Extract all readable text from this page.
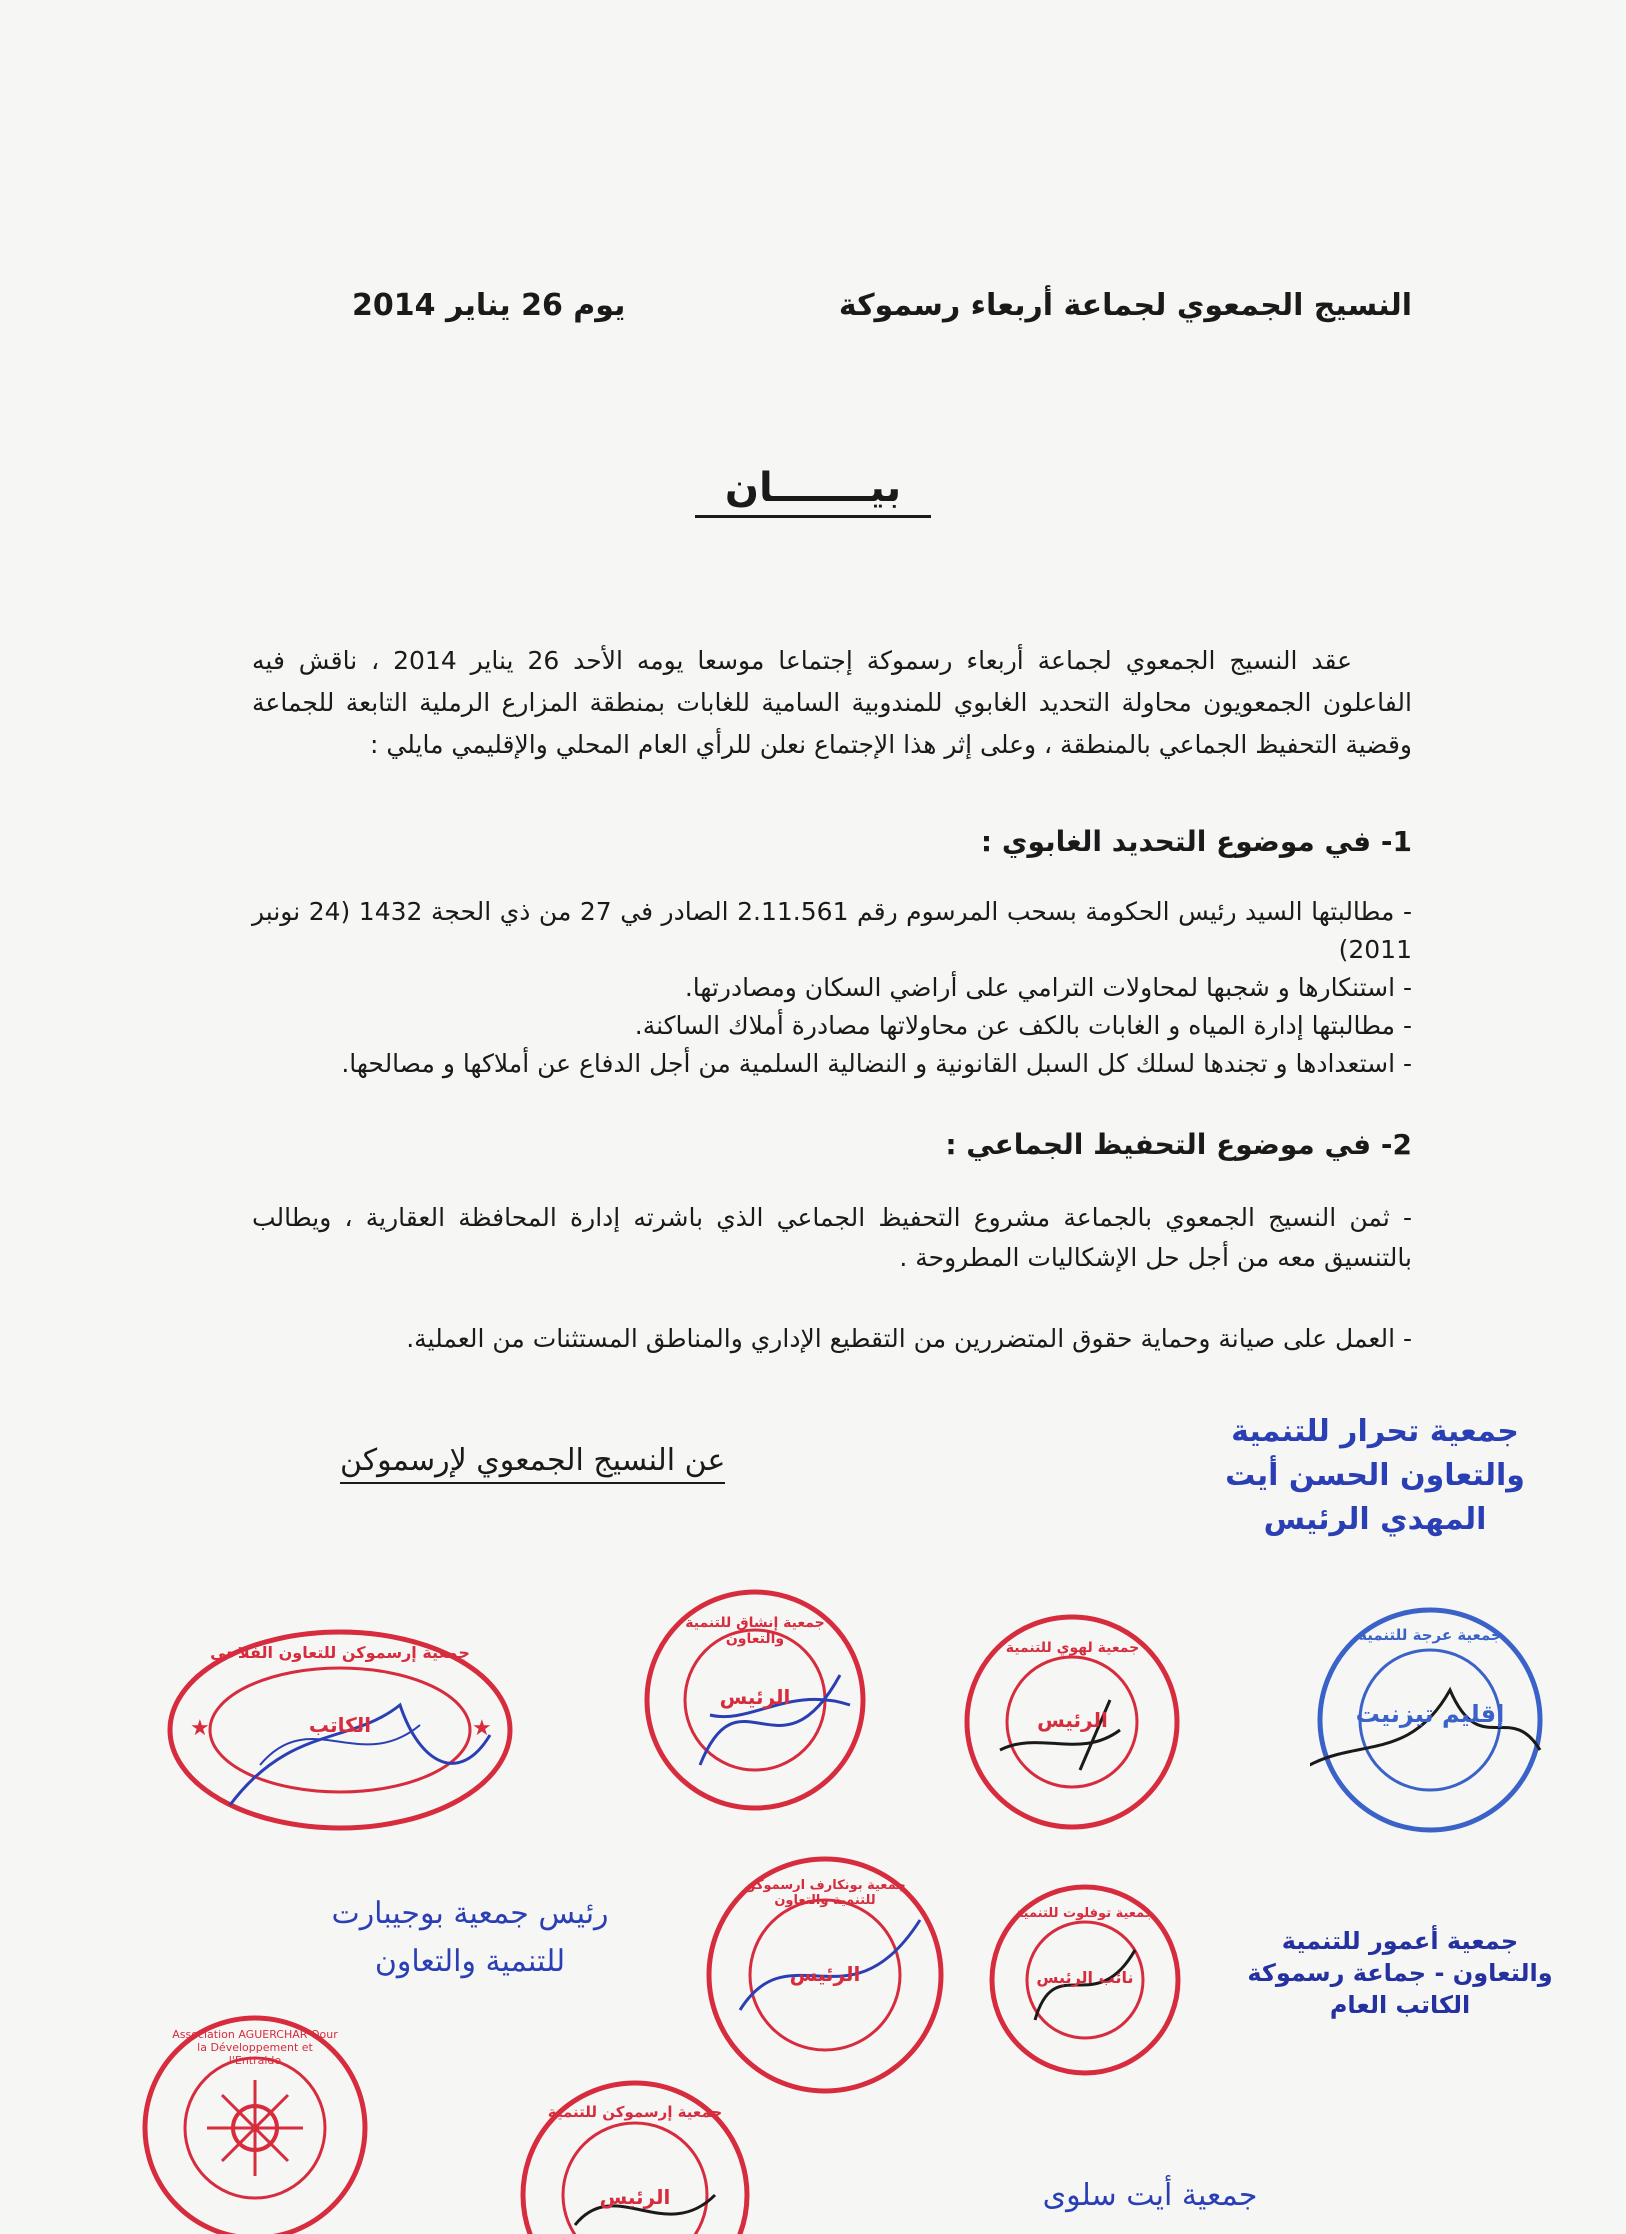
النسيج الجمعوي لجماعة أربعاء رسموكة
يوم 26 يناير 2014
بيـــــــان
عقد النسيج الجمعوي لجماعة أربعاء رسموكة إجتماعا موسعا يومه الأحد 26 يناير 2014 ، ناقش فيه الفاعلون الجمعويون محاولة التحديد الغابوي للمندوبية السامية للغابات بمنطقة المزارع الرملية التابعة للجماعة وقضية التحفيظ الجماعي بالمنطقة ، وعلى إثر هذا الإجتماع نعلن للرأي العام المحلي والإقليمي مايلي :
1- في موضوع التحديد الغابوي :
- مطالبتها السيد رئيس الحكومة بسحب المرسوم رقم 2.11.561 الصادر في 27 من ذي الحجة 1432 (24 نونبر 2011)
- استنكارها و شجبها لمحاولات الترامي على أراضي السكان ومصادرتها.
- مطالبتها إدارة المياه و الغابات بالكف عن محاولاتها مصادرة أملاك الساكنة.
- استعدادها و تجندها لسلك كل السبل القانونية و النضالية السلمية من أجل الدفاع عن أملاكها و مصالحها.
2- في موضوع التحفيظ الجماعي :
- ثمن النسيج الجمعوي بالجماعة مشروع التحفيظ الجماعي الذي باشرته إدارة المحافظة العقارية ، ويطالب بالتنسيق معه من أجل حل الإشكاليات المطروحة .
- العمل على صيانة وحماية حقوق المتضررين من التقطيع الإداري والمناطق المستثنات من العملية.
عن النسيج الجمعوي لإرسموكن
جمعية تحرار للتنمية والتعاون الحسن أيت المهدي الرئيس
★	★
الكاتب
جمعية إرسموكن للتعاون الفلاحي
الرئيس
جمعية إنشاق للتنمية والتعاون
الرئيس
جمعية لهوي للتنمية
إقليم تيزنيت
جمعية عرجة للتنمية
رئيس جمعية بوجيبارت للتنمية والتعاون	الرئيس
جمعية بونكارف ارسموكن للتنمية والتعاون
نائب الرئيس
جمعية توفلوت للتنمية
جمعية أعمور للتنمية والتعاون - جماعة رسموكة الكاتب العام
Association AGUERCHAR Oour la Développement et l'Entraide
الرئيس
جمعية إرسموكن للتنمية
جمعية أيت سلوى
